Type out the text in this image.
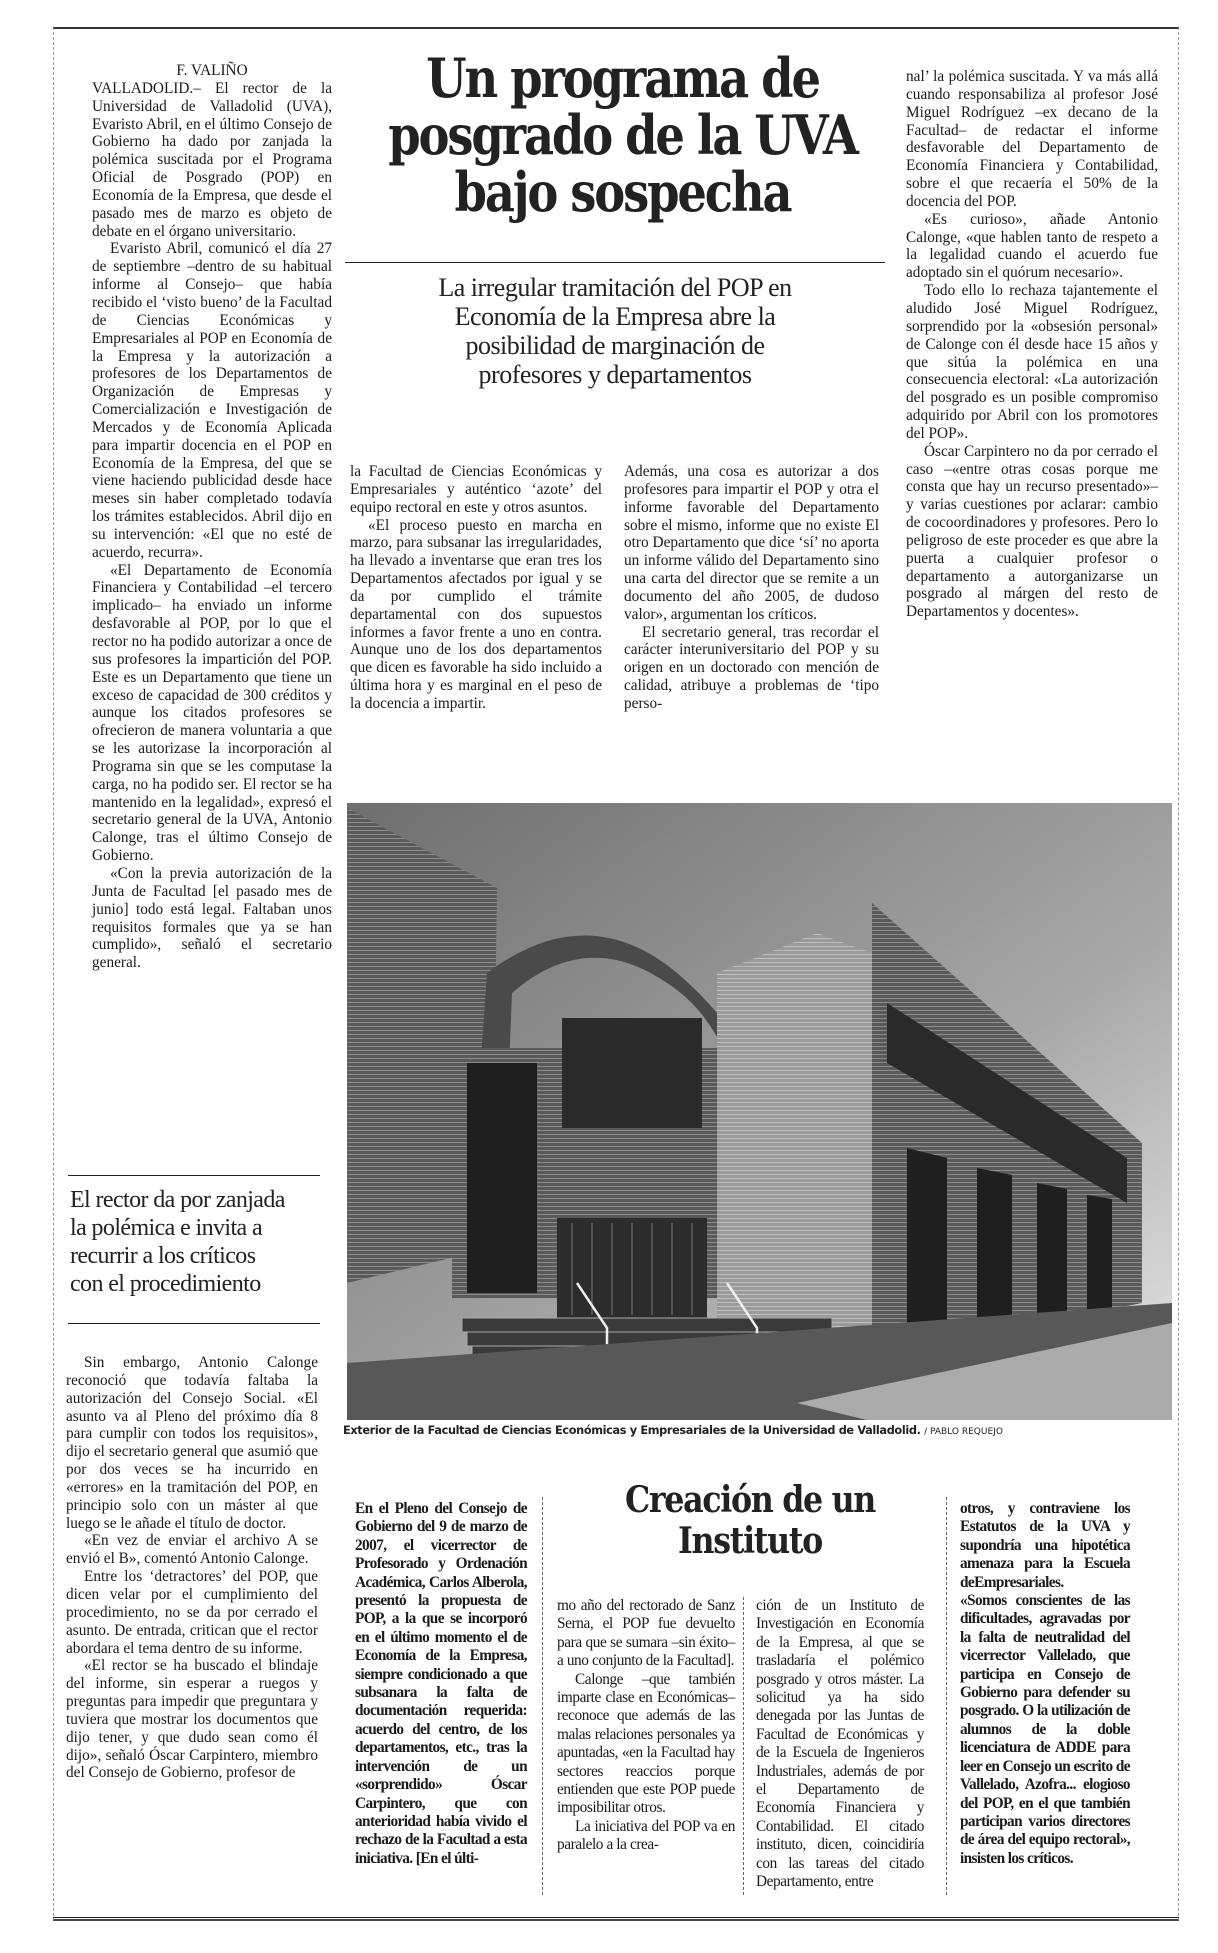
F. VALIÑO

VALLADOLID.– El rector de la Universidad de Valladolid (UVA), Evaristo Abril, en el último Consejo de Gobierno ha dado por zanjada la polémica suscitada por el Programa Oficial de Posgrado (POP) en Economía de la Empresa, que desde el pasado mes de marzo es objeto de debate en el órgano universitario.

Evaristo Abril, comunicó el día 27 de septiembre –dentro de su habitual informe al Consejo– que había recibido el ‘visto bueno’ de la Facultad de Ciencias Económicas y Empresariales al POP en Economía de la Empresa y la autorización a profesores de los Departamentos de Organización de Empresas y Comercialización e Investigación de Mercados y de Economía Aplicada para impartir docencia en el POP en Economía de la Empresa, del que se viene haciendo publicidad desde hace meses sin haber completado todavía los trámites establecidos. Abril dijo en su intervención: «El que no esté de acuerdo, recurra».

«El Departamento de Economía Financiera y Contabilidad –el tercero implicado– ha enviado un informe desfavorable al POP, por lo que el rector no ha podido autorizar a once de sus profesores la impartición del POP. Este es un Departamento que tiene un exceso de capacidad de 300 créditos y aunque los citados profesores se ofrecieron de manera voluntaria a que se les autorizase la incorporación al Programa sin que se les computase la carga, no ha podido ser. El rector se ha mantenido en la legalidad», expresó el secretario general de la UVA, Antonio Calonge, tras el último Consejo de Gobierno.

«Con la previa autorización de la Junta de Facultad [el pasado mes de junio] todo está legal. Faltaban unos requisitos formales que ya se han cumplido», señaló el secretario general.

Un programa de
posgrado de la UVA
bajo sospecha
La irregular tramitación del POP en
Economía de la Empresa abre la
posibilidad de marginación de
profesores y departamentos

la Facultad de Ciencias Económicas y Empresariales y auténtico ‘azote’ del equipo rectoral en este y otros asuntos.

«El proceso puesto en marcha en marzo, para subsanar las irregularidades, ha llevado a inventarse que eran tres los Departamentos afectados por igual y se da por cumplido el trámite departamental con dos supuestos informes a favor frente a uno en contra. Aunque uno de los dos departamentos que dicen es favorable ha sido incluido a última hora y es marginal en el peso de la docencia a impartir.

Además, una cosa es autorizar a dos profesores para impartir el POP y otra el informe favorable del Departamento sobre el mismo, informe que no existe El otro Departamento que dice ‘sí’ no aporta un informe válido del Departamento sino una carta del director que se remite a un documento del año 2005, de dudoso valor», argumentan los críticos.

El secretario general, tras recordar el carácter interuniversitario del POP y su origen en un doctorado con mención de calidad, atribuye a problemas de ‘tipo perso-

nal’ la polémica suscitada. Y va más allá cuando responsabiliza al profesor José Miguel Rodríguez –ex decano de la Facultad– de redactar el informe desfavorable del Departamento de Economía Financiera y Contabilidad, sobre el que recaería el 50% de la docencia del POP.

«Es curioso», añade Antonio Calonge, «que hablen tanto de respeto a la legalidad cuando el acuerdo fue adoptado sin el quórum necesario».

Todo ello lo rechaza tajantemente el aludido José Miguel Rodríguez, sorprendido por la «obsesión personal» de Calonge con él desde hace 15 años y que sitúa la polémica en una consecuencia electoral: «La autorización del posgrado es un posible compromiso adquirido por Abril con los promotores del POP».

Óscar Carpintero no da por cerrado el caso –«entre otras cosas porque me consta que hay un recurso presentado»– y varias cuestiones por aclarar: cambio de cocoordinadores y profesores. Pero lo peligroso de este proceder es que abre la puerta a cualquier profesor o departamento a autorganizarse un posgrado al márgen del resto de Departamentos y docentes».

Exterior de la Facultad de Ciencias Económicas y Empresariales de la Universidad de Valladolid. / PABLO REQUEJO
El rector da por zanjada
la polémica e invita a
recurrir a los críticos
con el procedimiento

Sin embargo, Antonio Calonge reconoció que todavía faltaba la autorización del Consejo Social. «El asunto va al Pleno del próximo día 8 para cumplir con todos los requisitos», dijo el secretario general que asumió que por dos veces se ha incurrido en «errores» en la tramitación del POP, en principio solo con un máster al que luego se le añade el título de doctor.

«En vez de enviar el archivo A se envió el B», comentó Antonio Calonge.

Entre los ‘detractores’ del POP, que dicen velar por el cumplimiento del procedimiento, no se da por cerrado el asunto. De entrada, critican que el rector abordara el tema dentro de su informe.

«El rector se ha buscado el blindaje del informe, sin esperar a ruegos y preguntas para impedir que preguntara y tuviera que mostrar los documentos que dijo tener, y que dudo sean como él dijo», señaló Óscar Carpintero, miembro del Consejo de Gobierno, profesor de

En el Pleno del Consejo de Gobierno del 9 de marzo de 2007, el vicerrector de Profesorado y Ordenación Académica, Carlos Alberola, presentó la propuesta de POP, a la que se incorporó en el último momento el de Economía de la Empresa, siempre condicionado a que subsanara la falta de documentación requerida: acuerdo del centro, de los departamentos, etc., tras la intervención de un «sorprendido» Óscar Carpintero, que con anterioridad había vivido el rechazo de la Facultad a esta iniciativa. [En el últi-

Creación de un
Instituto

mo año del rectorado de Sanz Serna, el POP fue devuelto para que se sumara –sin éxito– a uno conjunto de la Facultad].

Calonge –que también imparte clase en Económicas– reconoce que además de las malas relaciones personales ya apuntadas, «en la Facultad hay sectores reaccios porque entienden que este POP puede imposibilitar otros.

La iniciativa del POP va en paralelo a la crea-

ción de un Instituto de Investigación en Economía de la Empresa, al que se trasladaría el polémico posgrado y otros máster. La solicitud ya ha sido denegada por las Juntas de Facultad de Económicas y de la Escuela de Ingenieros Industriales, además de por el Departamento de Economía Financiera y Contabilidad. El citado instituto, dicen, coincidiría con las tareas del citado Departamento, entre

otros, y contraviene los Estatutos de la UVA y supondría una hipotética amenaza para la Escuela deEmpresariales.

«Somos conscientes de las dificultades, agravadas por la falta de neutralidad del vicerrector Vallelado, que participa en Consejo de Gobierno para defender su posgrado. O la utilización de alumnos de la doble licenciatura de ADDE para leer en Consejo un escrito de Vallelado, Azofra... elogioso del POP, en el que también participan varios directores de área del equipo rectoral», insisten los críticos.
